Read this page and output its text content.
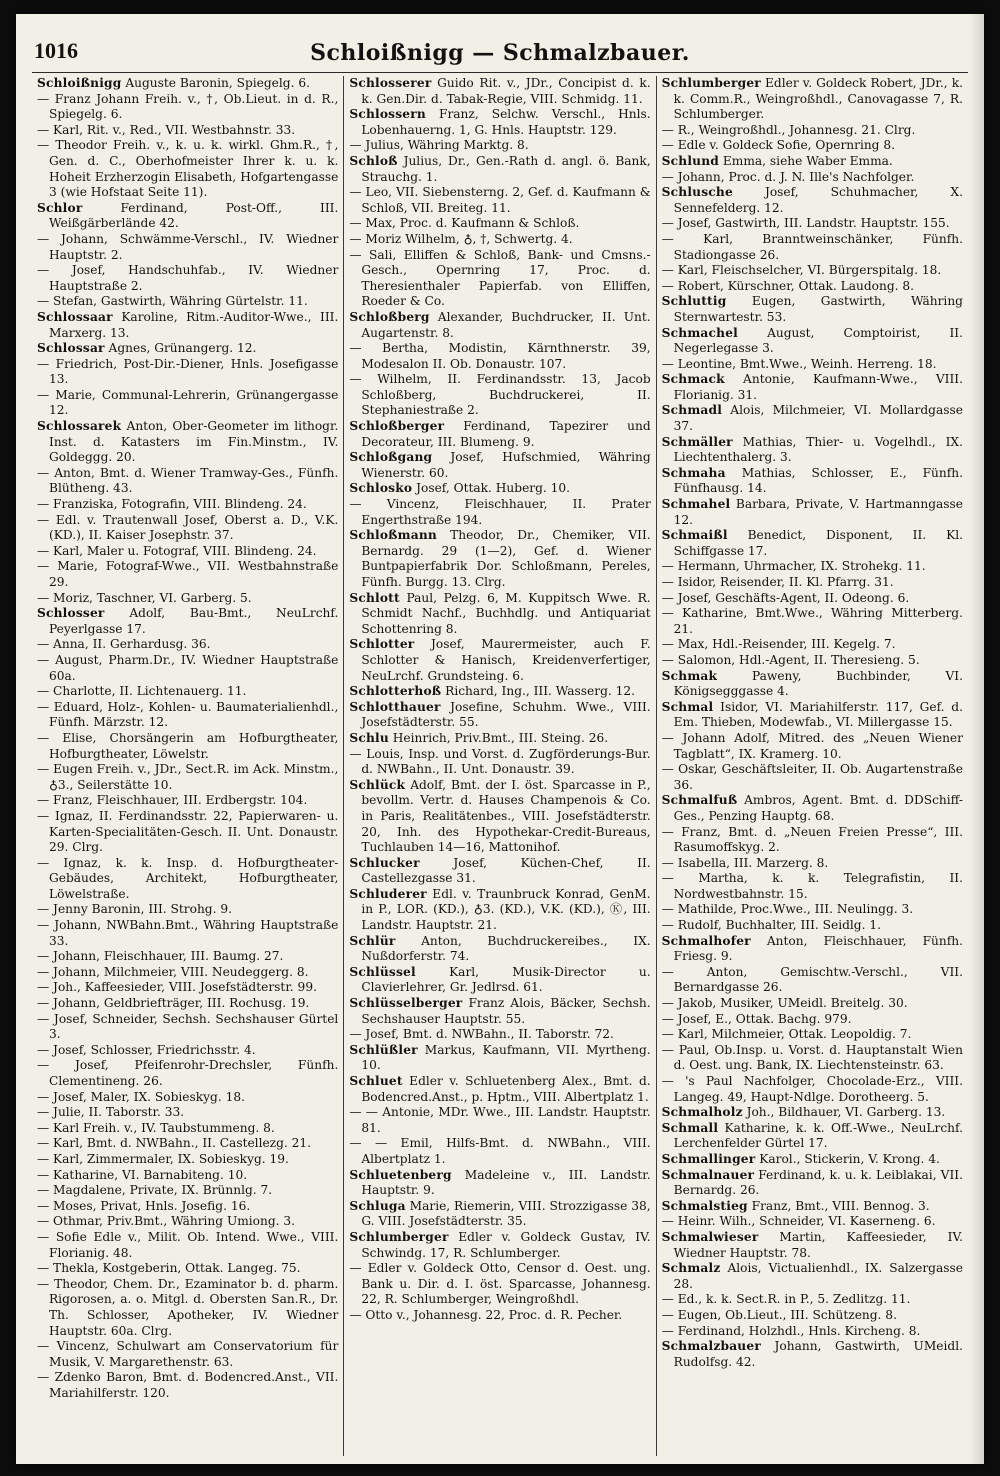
1016	Schloißnigg — Schmalzbauer.

Schloißnigg Auguste Baronin, Spiegelg. 6.

— Franz Johann Freih. v., †, Ob.Lieut. in d. R., Spiegelg. 6.

— Karl, Rit. v., Red., VII. Westbahnstr. 33.

— Theodor Freih. v., k. u. k. wirkl. Ghm.R., †, Gen. d. C., Oberhofmeister Ihrer k. u. k. Hoheit Erzherzogin Elisabeth, Hofgartengasse 3 (wie Hofstaat Seite 11).

Schlor Ferdinand, Post-Off., III. Weißgärberlände 42.

— Johann, Schwämme-Verschl., IV. Wiedner Hauptstr. 2.

— Josef, Handschuhfab., IV. Wiedner Hauptstraße 2.

— Stefan, Gastwirth, Währing Gürtelstr. 11.

Schlossaar Karoline, Ritm.-Auditor-Wwe., III. Marxerg. 13.

Schlossar Agnes, Grünangerg. 12.

— Friedrich, Post-Dir.-Diener, Hnls. Josefigasse 13.

— Marie, Communal-Lehrerin, Grünangergasse 12.

Schlossarek Anton, Ober-Geometer im lithogr. Inst. d. Katasters im Fin.Minstm., IV. Goldeggg. 20.

— Anton, Bmt. d. Wiener Tramway-Ges., Fünfh. Blütheng. 43.

— Franziska, Fotografin, VIII. Blindeng. 24.

— Edl. v. Trautenwall Josef, Oberst a. D., V.K. (KD.), II. Kaiser Josephstr. 37.

— Karl, Maler u. Fotograf, VIII. Blindeng. 24.

— Marie, Fotograf-Wwe., VII. Westbahnstraße 29.

— Moriz, Taschner, VI. Garberg. 5.

Schlosser Adolf, Bau-Bmt., NeuLrchf. Peyerlgasse 17.

— Anna, II. Gerhardusg. 36.

— August, Pharm.Dr., IV. Wiedner Hauptstraße 60a.

— Charlotte, II. Lichtenauerg. 11.

— Eduard, Holz-, Kohlen- u. Baumaterialienhdl., Fünfh. Märzstr. 12.

— Elise, Chorsängerin am Hofburgtheater, Hofburgtheater, Löwelstr.

— Eugen Freih. v., JDr., Sect.R. im Ack. Minstm., ♁3., Seilerstätte 10.

— Franz, Fleischhauer, III. Erdbergstr. 104.

— Ignaz, II. Ferdinandsstr. 22, Papierwaren- u. Karten-Specialitäten-Gesch. II. Unt. Donaustr. 29. Clrg.

— Ignaz, k. k. Insp. d. Hofburgtheater-Gebäudes, Architekt, Hofburgtheater, Löwelstraße.

— Jenny Baronin, III. Strohg. 9.

— Johann, NWBahn.Bmt., Währing Hauptstraße 33.

— Johann, Fleischhauer, III. Baumg. 27.

— Johann, Milchmeier, VIII. Neudeggerg. 8.

— Joh., Kaffeesieder, VIII. Josefstädterstr. 99.

— Johann, Geldbriefträger, III. Rochusg. 19.

— Josef, Schneider, Sechsh. Sechshauser Gürtel 3.

— Josef, Schlosser, Friedrichsstr. 4.

— Josef, Pfeifenrohr-Drechsler, Fünfh. Clementineng. 26.

— Josef, Maler, IX. Sobieskyg. 18.

— Julie, II. Taborstr. 33.

— Karl Freih. v., IV. Taubstummeng. 8.

— Karl, Bmt. d. NWBahn., II. Castellezg. 21.

— Karl, Zimmermaler, IX. Sobieskyg. 19.

— Katharine, VI. Barnabiteng. 10.

— Magdalene, Private, IX. Brünnlg. 7.

— Moses, Privat, Hnls. Josefig. 16.

— Othmar, Priv.Bmt., Währing Umiong. 3.

— Sofie Edle v., Milit. Ob. Intend. Wwe., VIII. Florianig. 48.

— Thekla, Kostgeberin, Ottak. Langeg. 75.

— Theodor, Chem. Dr., Ezaminator b. d. pharm. Rigorosen, a. o. Mitgl. d. Obersten San.R., Dr. Th. Schlosser, Apotheker, IV. Wiedner Hauptstr. 60a. Clrg.

— Vincenz, Schulwart am Conservatorium für Musik, V. Margarethenstr. 63.

— Zdenko Baron, Bmt. d. Bodencred.Anst., VII. Mariahilferstr. 120.

Schlosserer Guido Rit. v., JDr., Concipist d. k. k. Gen.Dir. d. Tabak-Regie, VIII. Schmidg. 11.

Schlossern Franz, Selchw. Verschl., Hnls. Lobenhauerng. 1, G. Hnls. Hauptstr. 129.

— Julius, Währing Marktg. 8.

Schloß Julius, Dr., Gen.-Rath d. angl. ö. Bank, Strauchg. 1.

— Leo, VII. Siebensterng. 2, Gef. d. Kaufmann & Schloß, VII. Breiteg. 11.

— Max, Proc. d. Kaufmann & Schloß.

— Moriz Wilhelm, ♁, †, Schwertg. 4.

— Sali, Elliffen & Schloß, Bank- und Cmsns.-Gesch., Opernring 17, Proc. d. Theresienthaler Papierfab. von Elliffen, Roeder & Co.

Schloßberg Alexander, Buchdrucker, II. Unt. Augartenstr. 8.

— Bertha, Modistin, Kärnthnerstr. 39, Modesalon II. Ob. Donaustr. 107.

— Wilhelm, II. Ferdinandsstr. 13, Jacob Schloßberg, Buchdruckerei, II. Stephaniestraße 2.

Schloßberger Ferdinand, Tapezirer und Decorateur, III. Blumeng. 9.

Schloßgang Josef, Hufschmied, Währing Wienerstr. 60.

Schlosko Josef, Ottak. Huberg. 10.

— Vincenz, Fleischhauer, II. Prater Engerthstraße 194.

Schloßmann Theodor, Dr., Chemiker, VII. Bernardg. 29 (1—2), Gef. d. Wiener Buntpapierfabrik Dor. Schloßmann, Pereles, Fünfh. Burgg. 13. Clrg.

Schlott Paul, Pelzg. 6, M. Kuppitsch Wwe. R. Schmidt Nachf., Buchhdlg. und Antiquariat Schottenring 8.

Schlotter Josef, Maurermeister, auch F. Schlotter & Hanisch, Kreidenverfertiger, NeuLrchf. Grundsteing. 6.

Schlotterhoß Richard, Ing., III. Wasserg. 12.

Schlotthauer Josefine, Schuhm. Wwe., VIII. Josefstädterstr. 55.

Schlu Heinrich, Priv.Bmt., III. Steing. 26.

— Louis, Insp. und Vorst. d. Zugförderungs-Bur. d. NWBahn., II. Unt. Donaustr. 39.

Schlück Adolf, Bmt. der I. öst. Sparcasse in P., bevollm. Vertr. d. Hauses Champenois & Co. in Paris, Realitätenbes., VIII. Josefstädterstr. 20, Inh. des Hypothekar-Credit-Bureaus, Tuchlauben 14—16, Mattonihof.

Schlucker Josef, Küchen-Chef, II. Castellezgasse 31.

Schluderer Edl. v. Traunbruck Konrad, GenM. in P., LOR. (KD.), ♁3. (KD.), V.K. (KD.), Ⓚ, III. Landstr. Hauptstr. 21.

Schlür Anton, Buchdruckereibes., IX. Nußdorferstr. 74.

Schlüssel Karl, Musik-Director u. Clavierlehrer, Gr. Jedlrsd. 61.

Schlüsselberger Franz Alois, Bäcker, Sechsh. Sechshauser Hauptstr. 55.

— Josef, Bmt. d. NWBahn., II. Taborstr. 72.

Schlüßler Markus, Kaufmann, VII. Myrtheng. 10.

Schluet Edler v. Schluetenberg Alex., Bmt. d. Bodencred.Anst., p. Hptm., VIII. Albertplatz 1.

— — Antonie, MDr. Wwe., III. Landstr. Hauptstr. 81.

— — Emil, Hilfs-Bmt. d. NWBahn., VIII. Albertplatz 1.

Schluetenberg Madeleine v., III. Landstr. Hauptstr. 9.

Schluga Marie, Riemerin, VIII. Strozzigasse 38, G. VIII. Josefstädterstr. 35.

Schlumberger Edler v. Goldeck Gustav, IV. Schwindg. 17, R. Schlumberger.

— Edler v. Goldeck Otto, Censor d. Oest. ung. Bank u. Dir. d. I. öst. Sparcasse, Johannesg. 22, R. Schlumberger, Weingroßhdl.

— Otto v., Johannesg. 22, Proc. d. R. Pecher.

Schlumberger Edler v. Goldeck Robert, JDr., k. k. Comm.R., Weingroßhdl., Canovagasse 7, R. Schlumberger.

— R., Weingroßhdl., Johannesg. 21. Clrg.

— Edle v. Goldeck Sofie, Opernring 8.

Schlund Emma, siehe Waber Emma.

— Johann, Proc. d. J. N. Ille's Nachfolger.

Schlusche Josef, Schuhmacher, X. Sennefelderg. 12.

— Josef, Gastwirth, III. Landstr. Hauptstr. 155.

— Karl, Branntweinschänker, Fünfh. Stadiongasse 26.

— Karl, Fleischselcher, VI. Bürgerspitalg. 18.

— Robert, Kürschner, Ottak. Laudong. 8.

Schluttig Eugen, Gastwirth, Währing Sternwartestr. 53.

Schmachel August, Comptoirist, II. Negerlegasse 3.

— Leontine, Bmt.Wwe., Weinh. Herreng. 18.

Schmack Antonie, Kaufmann-Wwe., VIII. Florianig. 31.

Schmadl Alois, Milchmeier, VI. Mollardgasse 37.

Schmäller Mathias, Thier- u. Vogelhdl., IX. Liechtenthalerg. 3.

Schmaha Mathias, Schlosser, E., Fünfh. Fünfhausg. 14.

Schmahel Barbara, Private, V. Hartmanngasse 12.

Schmaißl Benedict, Disponent, II. Kl. Schiffgasse 17.

— Hermann, Uhrmacher, IX. Strohekg. 11.

— Isidor, Reisender, II. Kl. Pfarrg. 31.

— Josef, Geschäfts-Agent, II. Odeong. 6.

— Katharine, Bmt.Wwe., Währing Mitterberg. 21.

— Max, Hdl.-Reisender, III. Kegelg. 7.

— Salomon, Hdl.-Agent, II. Theresieng. 5.

Schmak Paweny, Buchbinder, VI. Königsegggasse 4.

Schmal Isidor, VI. Mariahilferstr. 117, Gef. d. Em. Thieben, Modewfab., VI. Millergasse 15.

— Johann Adolf, Mitred. des „Neuen Wiener Tagblatt“, IX. Kramerg. 10.

— Oskar, Geschäftsleiter, II. Ob. Augartenstraße 36.

Schmalfuß Ambros, Agent. Bmt. d. DDSchiff-Ges., Penzing Hauptg. 68.

— Franz, Bmt. d. „Neuen Freien Presse“, III. Rasumoffskyg. 2.

— Isabella, III. Marzerg. 8.

— Martha, k. k. Telegrafistin, II. Nordwestbahnstr. 15.

— Mathilde, Proc.Wwe., III. Neulingg. 3.

— Rudolf, Buchhalter, III. Seidlg. 1.

Schmalhofer Anton, Fleischhauer, Fünfh. Friesg. 9.

— Anton, Gemischtw.-Verschl., VII. Bernardgasse 26.

— Jakob, Musiker, UMeidl. Breitelg. 30.

— Josef, E., Ottak. Bachg. 979.

— Karl, Milchmeier, Ottak. Leopoldig. 7.

— Paul, Ob.Insp. u. Vorst. d. Hauptanstalt Wien d. Oest. ung. Bank, IX. Liechtensteinstr. 63.

— 's Paul Nachfolger, Chocolade-Erz., VIII. Langeg. 49, Haupt-Ndlge. Dorotheerg. 5.

Schmalholz Joh., Bildhauer, VI. Garberg. 13.

Schmall Katharine, k. k. Off.-Wwe., NeuLrchf. Lerchenfelder Gürtel 17.

Schmallinger Karol., Stickerin, V. Krong. 4.

Schmalnauer Ferdinand, k. u. k. Leiblakai, VII. Bernardg. 26.

Schmalstieg Franz, Bmt., VIII. Bennog. 3.

— Heinr. Wilh., Schneider, VI. Kaserneng. 6.

Schmalwieser Martin, Kaffeesieder, IV. Wiedner Hauptstr. 78.

Schmalz Alois, Victualienhdl., IX. Salzergasse 28.

— Ed., k. k. Sect.R. in P., 5. Zedlitzg. 11.

— Eugen, Ob.Lieut., III. Schützeng. 8.

— Ferdinand, Holzhdl., Hnls. Kircheng. 8.

Schmalzbauer Johann, Gastwirth, UMeidl. Rudolfsg. 42.
